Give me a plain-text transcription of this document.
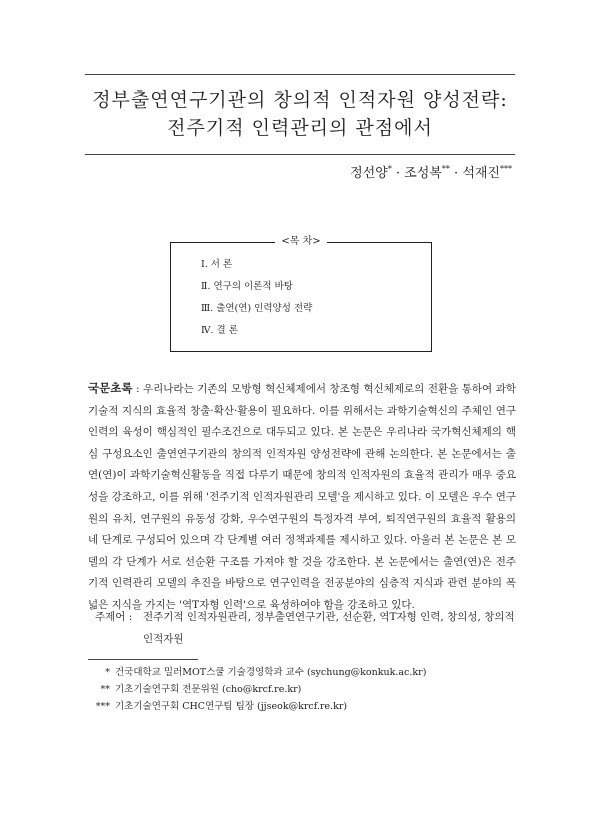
정부출연연구기관의 창의적 인적자원 양성전략:
전주기적 인력관리의 관점에서
정선양* · 조성복** · 석재진***
<목 차>
Ⅰ. 서 론
Ⅱ. 연구의 이론적 바탕
Ⅲ. 출연(연) 인력양성 전략
Ⅳ. 결 론
국문초록 : 우리나라는 기존의 모방형 혁신체제에서 창조형 혁신체제로의 전환을 통하여 과학기술적 지식의 효율적 창출·확산·활용이 필요하다. 이를 위해서는 과학기술혁신의 주체인 연구인력의 육성이 핵심적인 필수조건으로 대두되고 있다. 본 논문은 우리나라 국가혁신체제의 핵심 구성요소인 출연연구기관의 창의적 인적자원 양성전략에 관해 논의한다. 본 논문에서는 출연(연)이 과학기술혁신활동을 직접 다루기 때문에 창의적 인적자원의 효율적 관리가 매우 중요성을 강조하고, 이를 위해 '전주기적 인적자원관리 모델'을 제시하고 있다. 이 모델은 우수 연구원의 유치, 연구원의 유동성 강화, 우수연구원의 특정자격 부여, 퇴직연구원의 효율적 활용의 네 단계로 구성되어 있으며 각 단계별 여러 정책과제를 제시하고 있다. 아울러 본 논문은 본 모델의 각 단계가 서로 선순환 구조를 가져야 할 것을 강조한다. 본 논문에서는 출연(연)은 전주기적 인력관리 모델의 추진을 바탕으로 연구인력을 전공분야의 심층적 지식과 관련 분야의 폭넓은 지식을 가지는 '역T자형 인력'으로 육성하여야 함을 강조하고 있다.
주제어 : 전주기적 인적자원관리, 정부출연연구기관, 선순환, 역T자형 인력, 창의성, 창의적 인적자원
* 건국대학교 밀러MOT스쿨 기술경영학과 교수 (sychung@konkuk.ac.kr)
** 기초기술연구회 전문위원 (cho@krcf.re.kr)
*** 기초기술연구회 CHC연구팀 팀장 (jjseok@krcf.re.kr)
